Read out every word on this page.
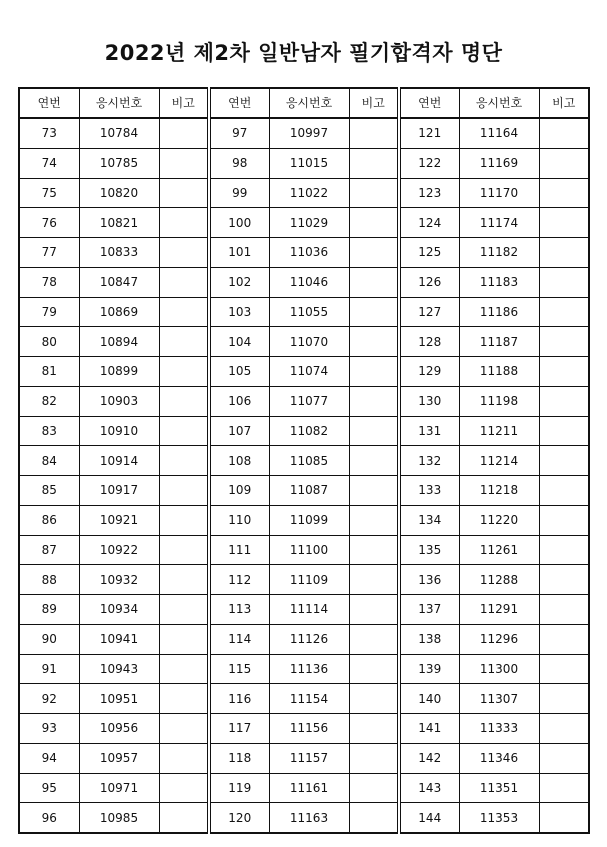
2022년 제2차 일반남자 필기합격자 명단
연번	응시번호	비고	연번	응시번호	비고	연번	응시번호	비고
73	10784		97	10997		121	11164	
74	10785		98	11015		122	11169	
75	10820		99	11022		123	11170	
76	10821		100	11029		124	11174	
77	10833		101	11036		125	11182	
78	10847		102	11046		126	11183	
79	10869		103	11055		127	11186	
80	10894		104	11070		128	11187	
81	10899		105	11074		129	11188	
82	10903		106	11077		130	11198	
83	10910		107	11082		131	11211	
84	10914		108	11085		132	11214	
85	10917		109	11087		133	11218	
86	10921		110	11099		134	11220	
87	10922		111	11100		135	11261	
88	10932		112	11109		136	11288	
89	10934		113	11114		137	11291	
90	10941		114	11126		138	11296	
91	10943		115	11136		139	11300	
92	10951		116	11154		140	11307	
93	10956		117	11156		141	11333	
94	10957		118	11157		142	11346	
95	10971		119	11161		143	11351	
96	10985		120	11163		144	11353	
